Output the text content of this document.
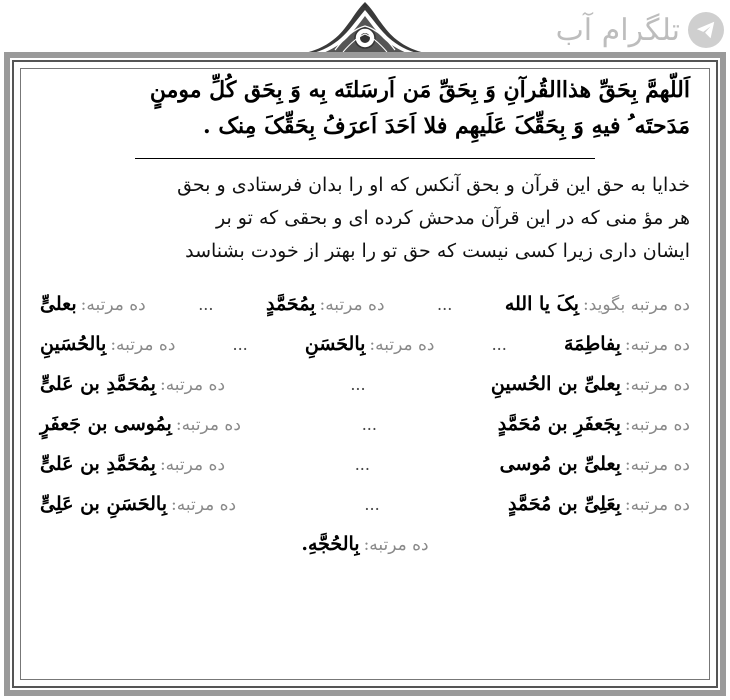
تلگرام آب

اَللّهمَّ بِحَقِّ هذاالقُرآنِ وَ بِحَقِّ مَن اَرسَلتَه بِه وَ بِحَق کُلِّ مومنٍ
مَدَحتَه ُ فیهِ وَ بِحَقِّکَ عَلَیهِم فلا اَحَدَ اَعرَفُ بِحَقِّکَ مِنک .

خدایا به حق این قرآن و بحق آنکس که او را بدان فرستادی و بحق
هر مؤ منی که در این قرآن مدحش کرده ای و بحقی که تو بر
ایشان داری زیرا کسی نیست که حق تو را بهتر از خودت بشناسد

ده مرتبه بگوید:
بِکَ یا الله
...
ده مرتبه:
بِمُحَمَّدٍ
...
ده مرتبه:
بعلیٍّ
ده مرتبه:
بِفاطِمَهَ
...
ده مرتبه:
بِالحَسَنِ
...
ده مرتبه:
بِالحُسَینِ
ده مرتبه:
بِعلیِّ بن الحُسینِ
...
ده مرتبه:
بِمُحَمَّدِ بن عَلیٍّ
ده مرتبه:
بِجَعفَرِ بن مُحَمَّدٍ
...
ده مرتبه:
بِمُوسی بن جَعفَرٍ
ده مرتبه:
بِعلیِّ بن مُوسی
...
ده مرتبه:
بِمُحَمَّدِ بن عَلیٍّ
ده مرتبه:
بِعَلِیِّ بن مُحَمَّدٍ
...
ده مرتبه:
بِالحَسَنِ بن عَلِیٍّ
ده مرتبه:
بِالحُجَّهِ.
